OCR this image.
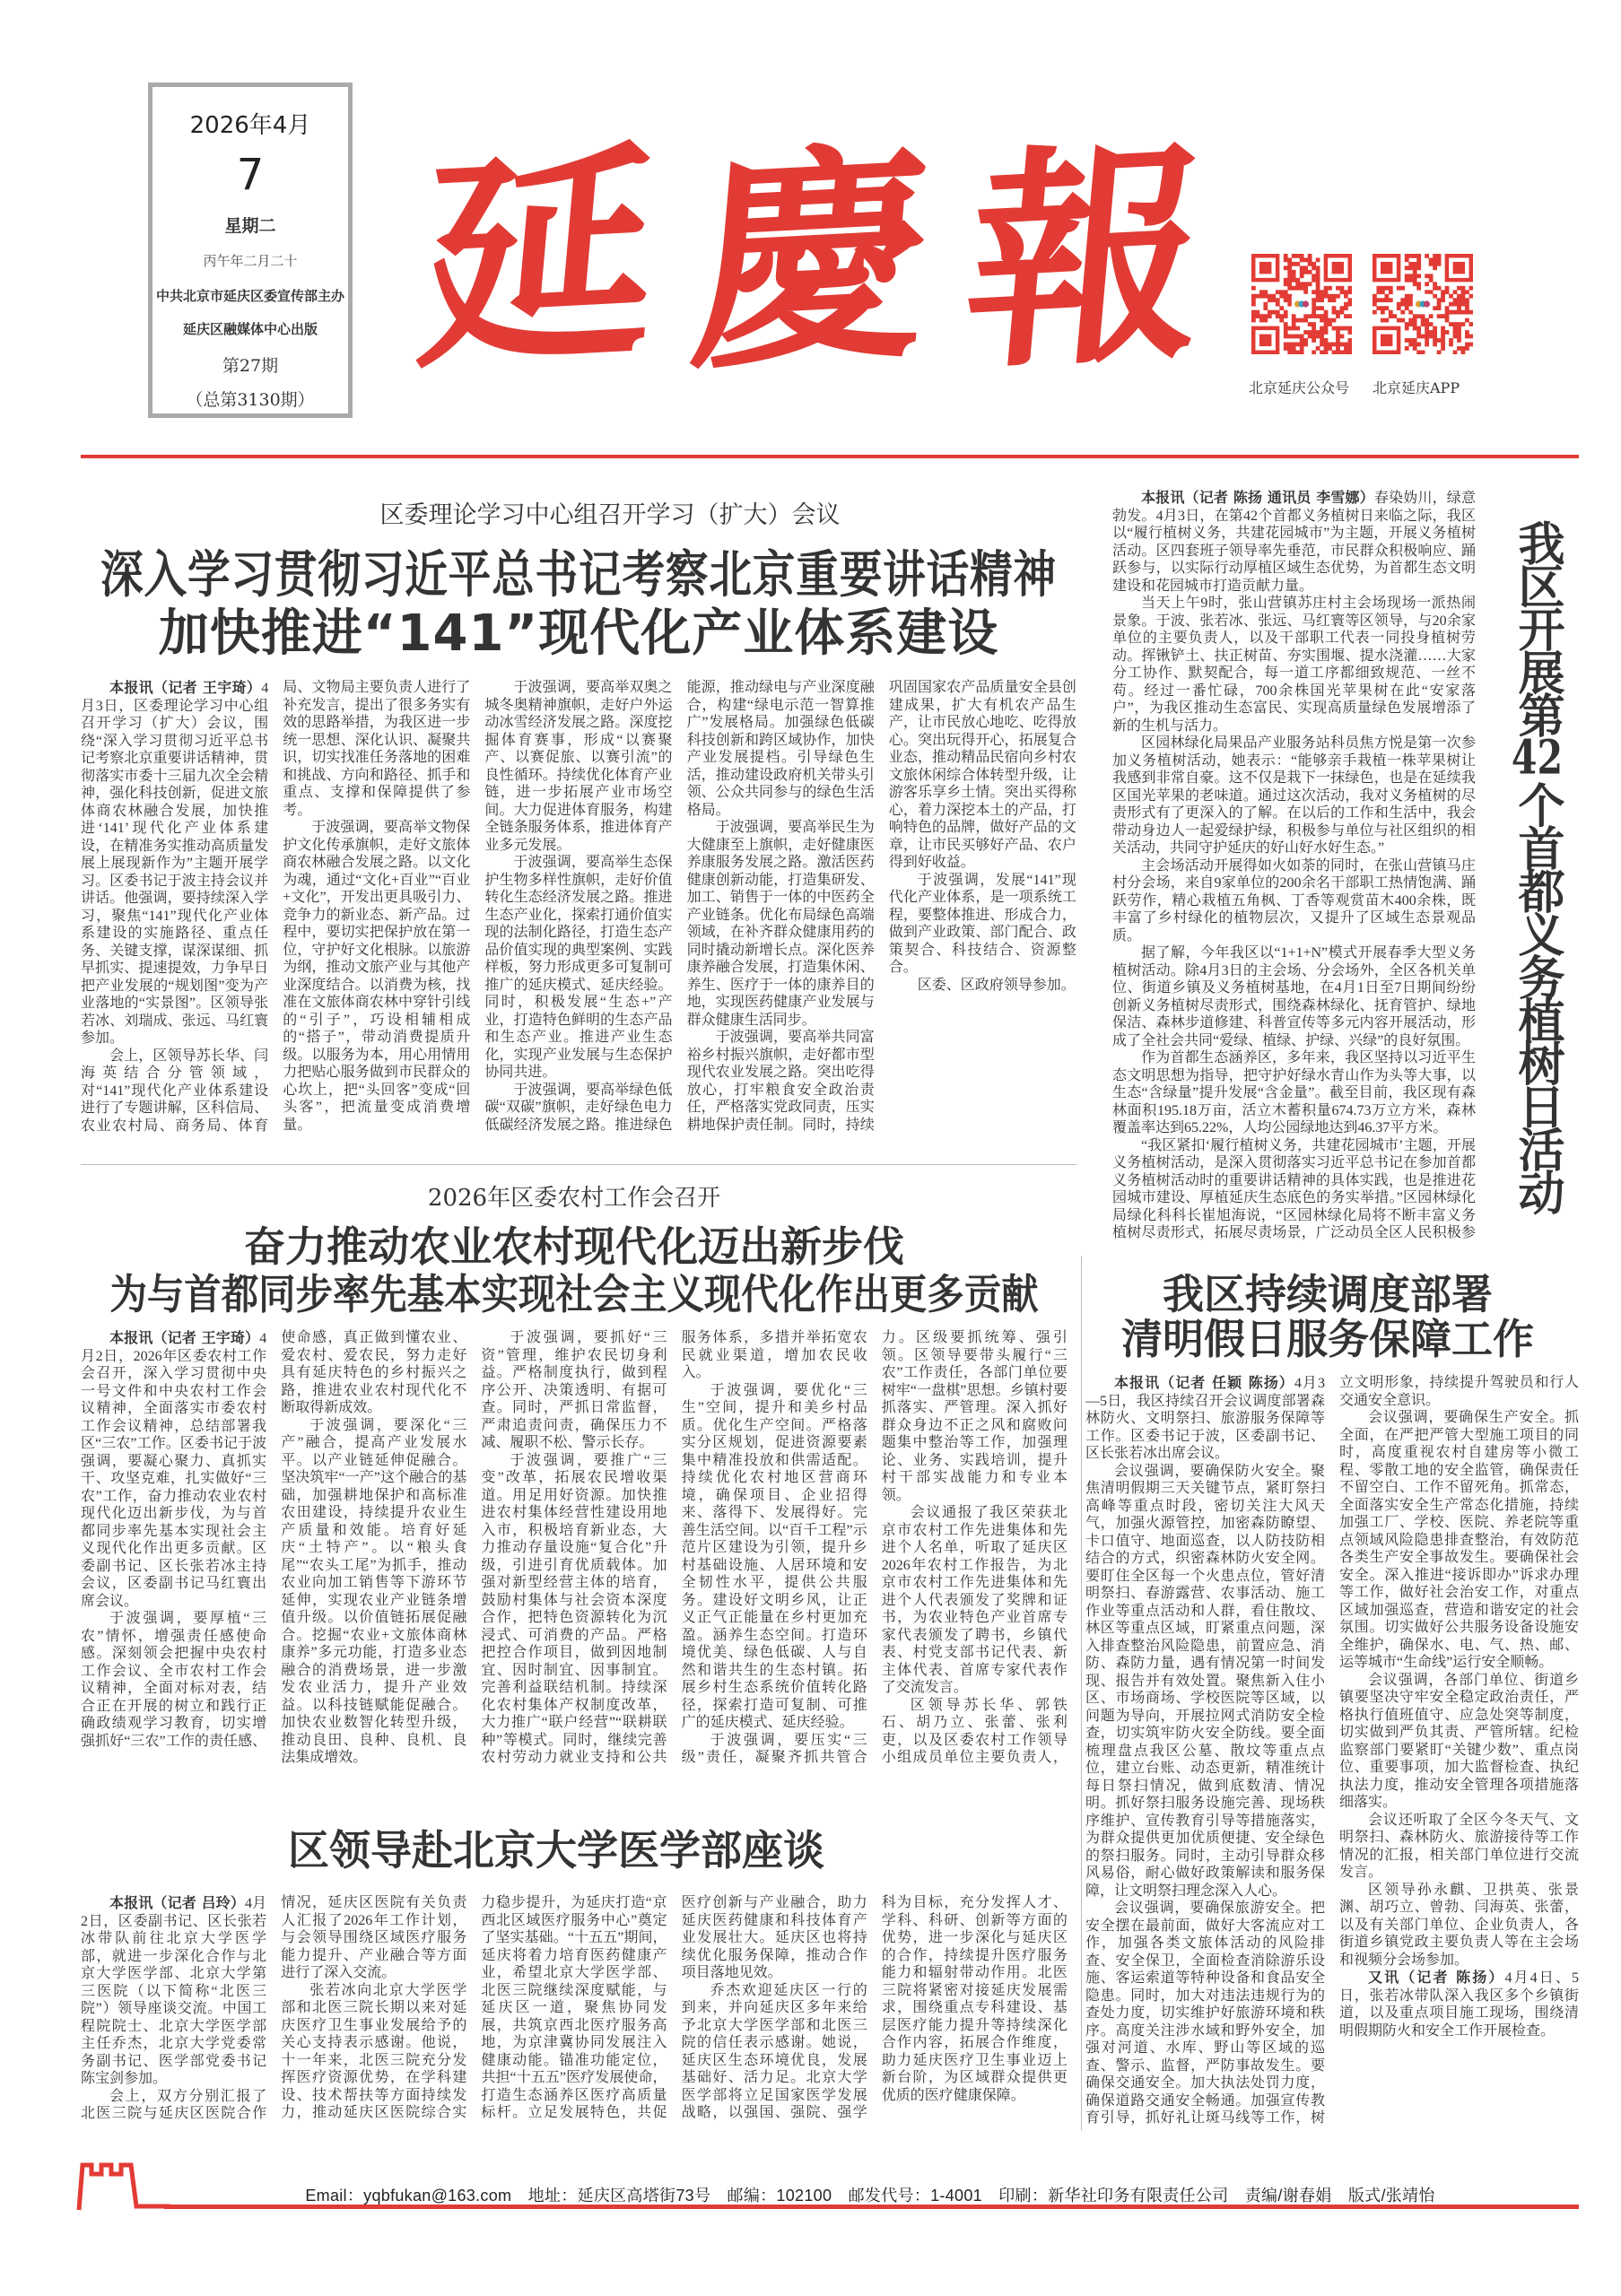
2026年4月
7
星期二
丙午年二月二十
中共北京市延庆区委宣传部主办
延庆区融媒体中心出版
第27期
（总第3130期） 延 慶 報 北京延庆公众号 北京延庆APP
区委理论学习中心组召开学习（扩大）会议
深入学习贯彻习近平总书记考察北京重要讲话精神
加快推进“141”现代化产业体系建设

本报讯（记者 王宇琦）4月3日，区委理论学习中心组召开学习（扩大）会议，围绕“深入学习贯彻习近平总书记考察北京重要讲话精神，贯彻落实市委十三届九次全会精神，强化科技创新，促进文旅体商农林融合发展，加快推进‘141’现代化产业体系建设，在精准务实推动高质量发展上展现新作为”主题开展学习。区委书记于波主持会议并讲话。他强调，要持续深入学习，聚焦“141”现代化产业体系建设的实施路径、重点任务、关键支撑，谋深谋细、抓早抓实、提速提效，力争早日把产业发展的“规划图”变为产业落地的“实景图”。区领导张若冰、刘瑞成、张远、马红寰参加。

会上，区领导苏长华、闫海英结合分管领域，对“141”现代化产业体系建设进行了专题讲解，区科信局、农业农村局、商务局、体育局、文物局主要负责人进行了补充发言，提出了很多务实有效的思路举措，为我区进一步统一思想、深化认识、凝聚共识，切实找准任务落地的困难和挑战、方向和路径、抓手和重点、支撑和保障提供了参考。

于波强调，要高举文物保护文化传承旗帜，走好文旅体商农林融合发展之路。以文化为魂，通过“文化+百业”“百业+文化”，开发出更具吸引力、竞争力的新业态、新产品。过程中，要切实把保护放在第一位，守护好文化根脉。以旅游为纲，推动文旅产业与其他产业深度结合。以消费为核，找准在文旅体商农林中穿针引线的“引子”，巧设相辅相成的“搭子”，带动消费提质升级。以服务为本，用心用情用力把贴心服务做到市民群众的心坎上，把“头回客”变成“回头客”，把流量变成消费增量。

于波强调，要高举双奥之城冬奥精神旗帜，走好户外运动冰雪经济发展之路。深度挖掘体育赛事，形成“以赛聚产、以赛促旅、以赛引流”的良性循环。持续优化体育产业链，进一步拓展产业市场空间。大力促进体育服务，构建全链条服务体系，推进体育产业多元发展。

于波强调，要高举生态保护生物多样性旗帜，走好价值转化生态经济发展之路。推进生态产业化，探索打通价值实现的法制化路径，打造生态产品价值实现的典型案例、实践样板，努力形成更多可复制可推广的延庆模式、延庆经验。同时，积极发展“生态+”产业，打造特色鲜明的生态产品和生态产业。推进产业生态化，实现产业发展与生态保护协同共进。

于波强调，要高举绿色低碳“双碳”旗帜，走好绿色电力低碳经济发展之路。推进绿色能源，推动绿电与产业深度融合，构建“绿电示范一智算推广”发展格局。加强绿色低碳科技创新和跨区域协作，加快产业发展提档。引导绿色生活，推动建设政府机关带头引领、公众共同参与的绿色生活格局。

于波强调，要高举民生为大健康至上旗帜，走好健康医养康服务发展之路。激活医药健康创新动能，打造集研发、加工、销售于一体的中医药全产业链条。优化布局绿色高端领域，在补齐群众健康用药的同时撬动新增长点。深化医养康养融合发展，打造集休闲、养生、医疗于一体的康养目的地，实现医药健康产业发展与群众健康生活同步。

于波强调，要高举共同富裕乡村振兴旗帜，走好都市型现代农业发展之路。突出吃得放心，打牢粮食安全政治责任，严格落实党政同责，压实耕地保护责任制。同时，持续巩固国家农产品质量安全县创建成果，扩大有机农产品生产，让市民放心地吃、吃得放心。突出玩得开心，拓展复合业态，推动精品民宿向乡村农文旅休闲综合体转型升级，让游客乐享乡土情。突出买得称心，着力深挖本土的产品，打响特色的品牌，做好产品的文章，让市民买够好产品、农户得到好收益。

于波强调，发展“141”现代化产业体系，是一项系统工程，要整体推进、形成合力，做到产业政策、部门配合、政策契合、科技结合、资源整合。

区委、区政府领导参加。

本报讯（记者 陈扬 通讯员 李雪娜）春染妫川，绿意勃发。4月3日，在第42个首都义务植树日来临之际，我区以“履行植树义务，共建花园城市”为主题，开展义务植树活动。区四套班子领导率先垂范，市民群众积极响应、踊跃参与，以实际行动厚植区域生态优势，为首都生态文明建设和花园城市打造贡献力量。

当天上午9时，张山营镇苏庄村主会场现场一派热闹景象。于波、张若冰、张远、马红寰等区领导，与20余家单位的主要负责人，以及干部职工代表一同投身植树劳动。挥锹铲土、扶正树苗、夯实围堰、提水浇灌……大家分工协作、默契配合，每一道工序都细致规范、一丝不苟。经过一番忙碌，700余株国光苹果树在此“安家落户”，为我区推动生态富民、实现高质量绿色发展增添了新的生机与活力。

区园林绿化局果品产业服务站科员焦方悦是第一次参加义务植树活动，她表示：“能够亲手栽植一株苹果树让我感到非常自豪。这不仅是栽下一抹绿色，也是在延续我区国光苹果的老味道。通过这次活动，我对义务植树的尽责形式有了更深入的了解。在以后的工作和生活中，我会带动身边人一起爱绿护绿，积极参与单位与社区组织的相关活动，共同守护延庆的好山好水好生态。”

主会场活动开展得如火如荼的同时，在张山营镇马庄村分会场，来自9家单位的200余名干部职工热情饱满、踊跃劳作，精心栽植五角枫、丁香等观赏苗木400余株，既丰富了乡村绿化的植物层次，又提升了区域生态景观品质。

据了解，今年我区以“1+1+N”模式开展春季大型义务植树活动。除4月3日的主会场、分会场外，全区各机关单位、街道乡镇及义务植树基地，在4月1日至7日期间纷纷创新义务植树尽责形式，围绕森林绿化、抚育管护、绿地保洁、森林步道修建、科普宣传等多元内容开展活动，形成了全社会共同“爱绿、植绿、护绿、兴绿”的良好氛围。

作为首都生态涵养区，多年来，我区坚持以习近平生态文明思想为指导，把守护好绿水青山作为头等大事，以生态“含绿量”提升发展“含金量”。截至目前，我区现有森林面积195.18万亩，活立木蓄积量674.73万立方米，森林覆盖率达到65.22%，人均公园绿地达到46.37平方米。

“我区紧扣‘履行植树义务，共建花园城市’主题，开展义务植树活动，是深入贯彻落实习近平总书记在参加首都义务植树活动时的重要讲话精神的具体实践，也是推进花园城市建设、厚植延庆生态底色的务实举措。”区园林绿化局绿化科科长崔旭海说，“区园林绿化局将不断丰富义务植树尽责形式，拓展尽责场景，广泛动员全区人民积极参

我区开展第42个首都义务植树日活动
2026年区委农村工作会召开
奋力推动农业农村现代化迈出新步伐
为与首都同步率先基本实现社会主义现代化作出更多贡献

本报讯（记者 王宇琦）4月2日，2026年区委农村工作会召开，深入学习贯彻中央一号文件和中央农村工作会议精神，全面落实市委农村工作会议精神，总结部署我区“三农”工作。区委书记于波强调，要凝心聚力、真抓实干、攻坚克难，扎实做好“三农”工作，奋力推动农业农村现代化迈出新步伐，为与首都同步率先基本实现社会主义现代化作出更多贡献。区委副书记、区长张若冰主持会议，区委副书记马红寰出席会议。

于波强调，要厚植“三农”情怀，增强责任感使命感。深刻领会把握中央农村工作会议、全市农村工作会议精神，全面对标对表，结合正在开展的树立和践行正确政绩观学习教育，切实增强抓好“三农”工作的责任感、使命感，真正做到懂农业、爱农村、爱农民，努力走好具有延庆特色的乡村振兴之路，推进农业农村现代化不断取得新成效。

于波强调，要深化“三产”融合，提高产业发展水平。以产业链延伸促融合。坚决筑牢“一产”这个融合的基础，加强耕地保护和高标准农田建设，持续提升农业生产质量和效能。培育好延庆“土特产”。以“粮头食尾”“农头工尾”为抓手，推动农业向加工销售等下游环节延伸，实现农业产业链条增值升级。以价值链拓展促融合。挖掘“农业+文旅体商林康养”多元功能，打造多业态融合的消费场景，进一步激发农业活力，提升产业效益。以科技链赋能促融合。加快农业数智化转型升级，推动良田、良种、良机、良法集成增效。

于波强调，要抓好“三资”管理，维护农民切身利益。严格制度执行，做到程序公开、决策透明、有据可查。同时，严抓日常监督，严肃追责问责，确保压力不减、履职不松、警示长存。

于波强调，要推广“三变”改革，拓展农民增收渠道。用足用好资源。加快推进农村集体经营性建设用地入市，积极培育新业态，大力推动存量设施“复合化”升级，引进引育优质载体。加强对新型经营主体的培育，鼓励村集体与社会资本深度合作，把特色资源转化为沉浸式、可消费的产品。严格把控合作项目，做到因地制宜、因时制宜、因事制宜。完善利益联结机制。持续深化农村集体产权制度改革，大力推广“联户经营”“联耕联种”等模式。同时，继续完善农村劳动力就业支持和公共服务体系，多措并举拓宽农民就业渠道，增加农民收入。

于波强调，要优化“三生”空间，提升和美乡村品质。优化生产空间。严格落实分区规划，促进资源要素集中精准投放和供需适配。持续优化农村地区营商环境，确保项目、企业招得来、落得下、发展得好。完善生活空间。以“百千工程”示范片区建设为引领，提升乡村基础设施、人居环境和安全韧性水平，提供公共服务。建设好文明乡风，让正义正气正能量在乡村更加充盈。涵养生态空间。打造环境优美、绿色低碳、人与自然和谐共生的生态村镇。拓展乡村生态系统价值转化路径，探索打造可复制、可推广的延庆模式、延庆经验。

于波强调，要压实“三级”责任，凝聚齐抓共管合力。区级要抓统筹、强引领。区领导要带头履行“三农”工作责任，各部门单位要树牢“一盘棋”思想。乡镇村要抓落实、严管理。深入抓好群众身边不正之风和腐败问题集中整治等工作，加强理论、业务、实践培训，提升村干部实战能力和专业本领。

会议通报了我区荣获北京市农村工作先进集体和先进个人名单，听取了延庆区2026年农村工作报告，为北京市农村工作先进集体和先进个人代表颁发了奖牌和证书，为农业特色产业首席专家代表颁发了聘书，乡镇代表、村党支部书记代表、新主体代表、首席专家代表作了交流发言。

区领导苏长华、郭铁石、胡乃立、张蕾、张利吏，以及区委农村工作领导小组成员单位主要负责人，

我区持续调度部署
清明假日服务保障工作

本报讯（记者 任颖 陈扬）4月3—5日，我区持续召开会议调度部署森林防火、文明祭扫、旅游服务保障等工作。区委书记于波，区委副书记、区长张若冰出席会议。

会议强调，要确保防火安全。聚焦清明假期三天关键节点，紧盯祭扫高峰等重点时段，密切关注大风天气，加强火源管控，加密森防瞭望、卡口值守、地面巡查，以人防技防相结合的方式，织密森林防火安全网。要盯住全区每一个火患点位，管好清明祭扫、春游露营、农事活动、施工作业等重点活动和人群，看住散坟、林区等重点区域，盯紧重点问题，深入排查整治风险隐患，前置应急、消防、森防力量，遇有情况第一时间发现、报告并有效处置。聚焦新入住小区、市场商场、学校医院等区域，以问题为导向，开展拉网式消防安全检查，切实筑牢防火安全防线。要全面梳理盘点我区公墓、散坟等重点点位，建立台账、动态更新，精准统计每日祭扫情况，做到底数清、情况明。抓好祭扫服务设施完善、现场秩序维护、宣传教育引导等措施落实，为群众提供更加优质便捷、安全绿色的祭扫服务。同时，主动引导群众移风易俗，耐心做好政策解读和服务保障，让文明祭扫理念深入人心。

会议强调，要确保旅游安全。把安全摆在最前面，做好大客流应对工作，加强各类文旅体活动的风险排查、安全保卫，全面检查消除游乐设施、客运索道等特种设备和食品安全隐患。同时，加大对违法违规行为的查处力度，切实维护好旅游环境和秩序。高度关注涉水域和野外安全，加强对河道、水库、野山等区域的巡查、警示、监督，严防事故发生。要确保交通安全。加大执法处罚力度，确保道路交通安全畅通。加强宣传教育引导，抓好礼让斑马线等工作，树立文明形象，持续提升驾驶员和行人交通安全意识。

会议强调，要确保生产安全。抓全面，在严把严管大型施工项目的同时，高度重视农村自建房等小微工程、零散工地的安全监管，确保责任不留空白、工作不留死角。抓常态，全面落实安全生产常态化措施，持续加强工厂、学校、医院、养老院等重点领域风险隐患排查整治，有效防范各类生产安全事故发生。要确保社会安全。深入推进“接诉即办”诉求办理等工作，做好社会治安工作，对重点区域加强巡查，营造和谐安定的社会氛围。切实做好公共服务设备设施安全维护，确保水、电、气、热、邮、运等城市“生命线”运行安全顺畅。

会议强调，各部门单位、街道乡镇要坚决守牢安全稳定政治责任，严格执行值班值守、应急处突等制度，切实做到严负其责、严管所辖。纪检监察部门要紧盯“关键少数”、重点岗位、重要事项，加大监督检查、执纪执法力度，推动安全管理各项措施落细落实。

会议还听取了全区今冬天气、文明祭扫、森林防火、旅游接待等工作情况的汇报，相关部门单位进行交流发言。

区领导孙永麒、卫拱英、张景渊、胡巧立、曾勃、闫海英、张蕾，以及有关部门单位、企业负责人，各街道乡镇党政主要负责人等在主会场和视频分会场参加。

又讯（记者 陈扬）4月4日、5日，张若冰带队深入我区多个乡镇街道，以及重点项目施工现场，围绕清明假期防火和安全工作开展检查。

区领导赴北京大学医学部座谈

本报讯（记者 吕玲）4月2日，区委副书记、区长张若冰带队前往北京大学医学部，就进一步深化合作与北京大学医学部、北京大学第三医院（以下简称“北医三院”）领导座谈交流。中国工程院院士、北京大学医学部主任乔杰，北京大学党委常务副书记、医学部党委书记陈宝剑参加。

会上，双方分别汇报了北医三院与延庆区医院合作情况，延庆区医院有关负责人汇报了2026年工作计划，与会领导围绕区域医疗服务能力提升、产业融合等方面进行了深入交流。

张若冰向北京大学医学部和北医三院长期以来对延庆医疗卫生事业发展给予的关心支持表示感谢。他说，十一年来，北医三院充分发挥医疗资源优势，在学科建设、技术帮扶等方面持续发力，推动延庆区医院综合实力稳步提升，为延庆打造“京西北区域医疗服务中心”奠定了坚实基础。“十五五”期间，延庆将着力培育医药健康产业，希望北京大学医学部、北医三院继续深度赋能，与延庆区一道，聚焦协同发展，共筑京西北医疗服务高地，为京津冀协同发展注入健康动能。锚准功能定位，共担“十五五”医疗发展使命，打造生态涵养区医疗高质量标杆。立足发展特色，共促医疗创新与产业融合，助力延庆医药健康和科技体育产业发展壮大。延庆区也将持续优化服务保障，推动合作项目落地见效。

乔杰欢迎延庆区一行的到来，并向延庆区多年来给予北京大学医学部和北医三院的信任表示感谢。她说，延庆区生态环境优良，发展基础好、活力足。北京大学医学部将立足国家医学发展战略，以强国、强院、强学科为目标，充分发挥人才、学科、科研、创新等方面的优势，进一步深化与延庆区的合作，持续提升医疗服务能力和辐射带动作用。北医三院将紧密对接延庆发展需求，围绕重点专科建设、基层医疗能力提升等持续深化合作内容，拓展合作维度，助力延庆医疗卫生事业迈上新台阶，为区域群众提供更优质的医疗健康保障。

Email：yqbfukan@163.com　地址：延庆区高塔街73号　邮编：102100　邮发代号：1-4001　印刷：新华社印务有限责任公司　责编/谢春娟　版式/张靖怡
